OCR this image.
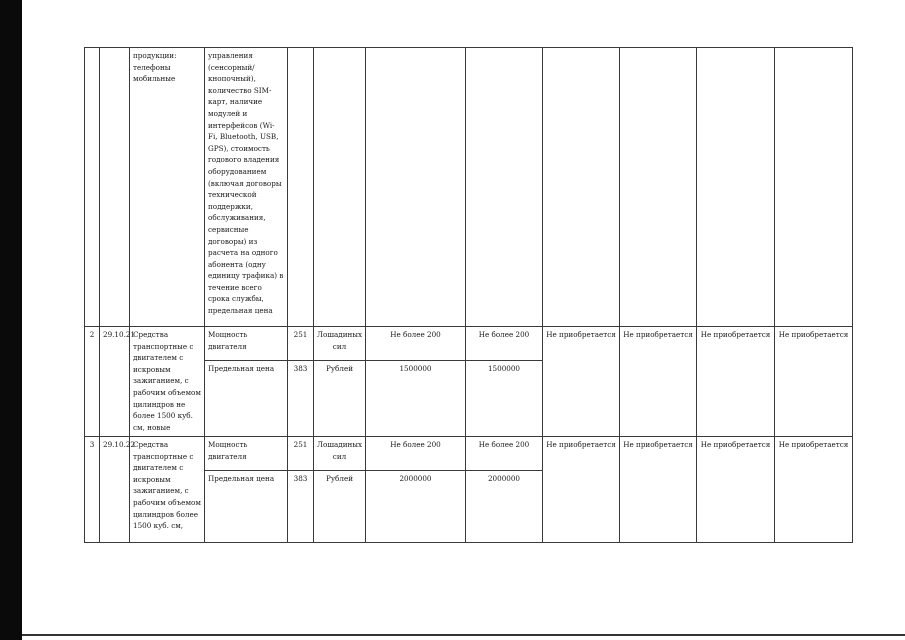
		продукции: телефоны мобильные	управления (сенсорный/кнопочный), количество SIM-карт, наличие модулей и интерфейсов (Wi-Fi, Bluetooth, USB, GPS), стоимость годового владения оборудованием (включая договоры технической поддержки, обслуживания, сервисные договоры) из расчета на одного абонента (одну единицу трафика) в течение всего срока службы, предельная цена								
2	29.10.21	Средства транспортные с двигателем с искровым зажиганием, с рабочим объемом цилиндров не более 1500 куб. см, новые	Мощность двигателя	251	Лошадиных сил	Не более 200	Не более 200	Не приобретается	Не приобретается	Не приобретается	Не приобретается
			Предельная цена	383	Рублей	1500000	1500000				
3	29.10.22	Средства транспортные с двигателем с искровым зажиганием, с рабочим объемом цилиндров более 1500 куб. см,	Мощность двигателя	251	Лошадиных сил	Не более 200	Не более 200	Не приобретается	Не приобретается	Не приобретается	Не приобретается
			Предельная цена	383	Рублей	2000000	2000000				
